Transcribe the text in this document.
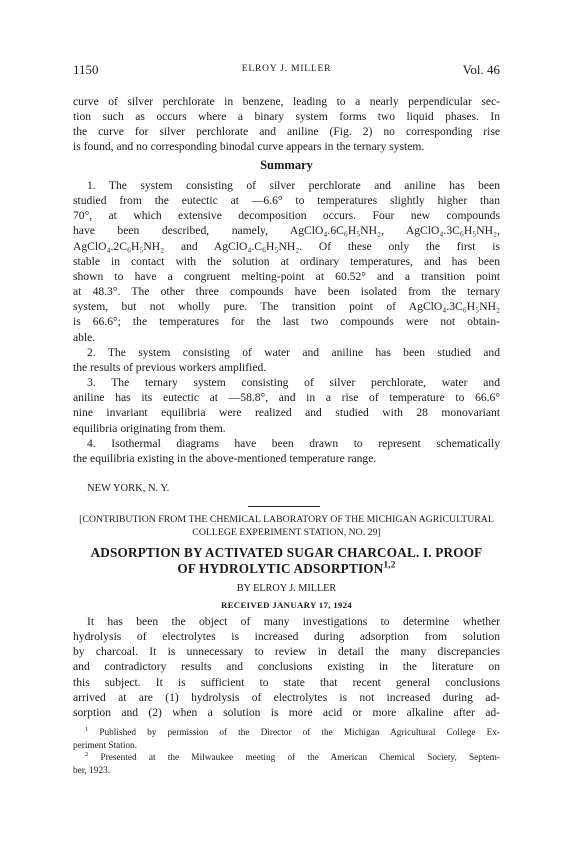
1150	ELROY J. MILLER	Vol. 46

curve of silver perchlorate in benzene, leading to a nearly perpendicular sec-
tion such as occurs where a binary system forms two liquid phases. In
the curve for silver perchlorate and aniline (Fig. 2) no corresponding rise
is found, and no corresponding binodal curve appears in the ternary system.

Summary

1. The system consisting of silver perchlorate and aniline has been
studied from the eutectic at —6.6° to temperatures slightly higher than
70°, at which extensive decomposition occurs. Four new compounds
have been described, namely, AgClO₄.6C₆H₅NH₂, AgClO₄.3C₆H₅NH₂,
AgClO₄.2C₆H₅NH₂ and AgClO₄.C₆H₅NH₂. Of these only the first is
stable in contact with the solution at ordinary temperatures, and has been
shown to have a congruent melting-point at 60.52° and a transition point
at 48.3°. The other three compounds have been isolated from the ternary
system, but not wholly pure. The transition point of AgClO₄.3C₆H₅NH₂
is 66.6°; the temperatures for the last two compounds were not obtain-
able.

2. The system consisting of water and aniline has been studied and
the results of previous workers amplified.

3. The ternary system consisting of silver perchlorate, water and
aniline has its eutectic at —58.8°, and in a rise of temperature to 66.6°
nine invariant equilibria were realized and studied with 28 monovariant
equilibria originating from them.

4. Isothermal diagrams have been drawn to represent schematically
the equilibria existing in the above-mentioned temperature range.

NEW YORK, N. Y.
[CONTRIBUTION FROM THE CHEMICAL LABORATORY OF THE MICHIGAN AGRICULTURAL
COLLEGE EXPERIMENT STATION, NO. 29]
ADSORPTION BY ACTIVATED SUGAR CHARCOAL. I. PROOF
OF HYDROLYTIC ADSORPTION$^{1,2}$
BY ELROY J. MILLER
RECEIVED JANUARY 17, 1924

It has been the object of many investigations to determine whether
hydrolysis of electrolytes is increased during adsorption from solution
by charcoal. It is unnecessary to review in detail the many discrepancies
and contradictory results and conclusions existing in the literature on
this subject. It is sufficient to state that recent general conclusions
arrived at are (1) hydrolysis of electrolytes is not increased during ad-
sorption and (2) when a solution is more acid or more alkaline after ad-

$^1$ Published by permission of the Director of the Michigan Agricultural College Ex-
periment Station.
$^2$ Presented at the Milwaukee meeting of the American Chemical Society, Septem-
ber, 1923.
